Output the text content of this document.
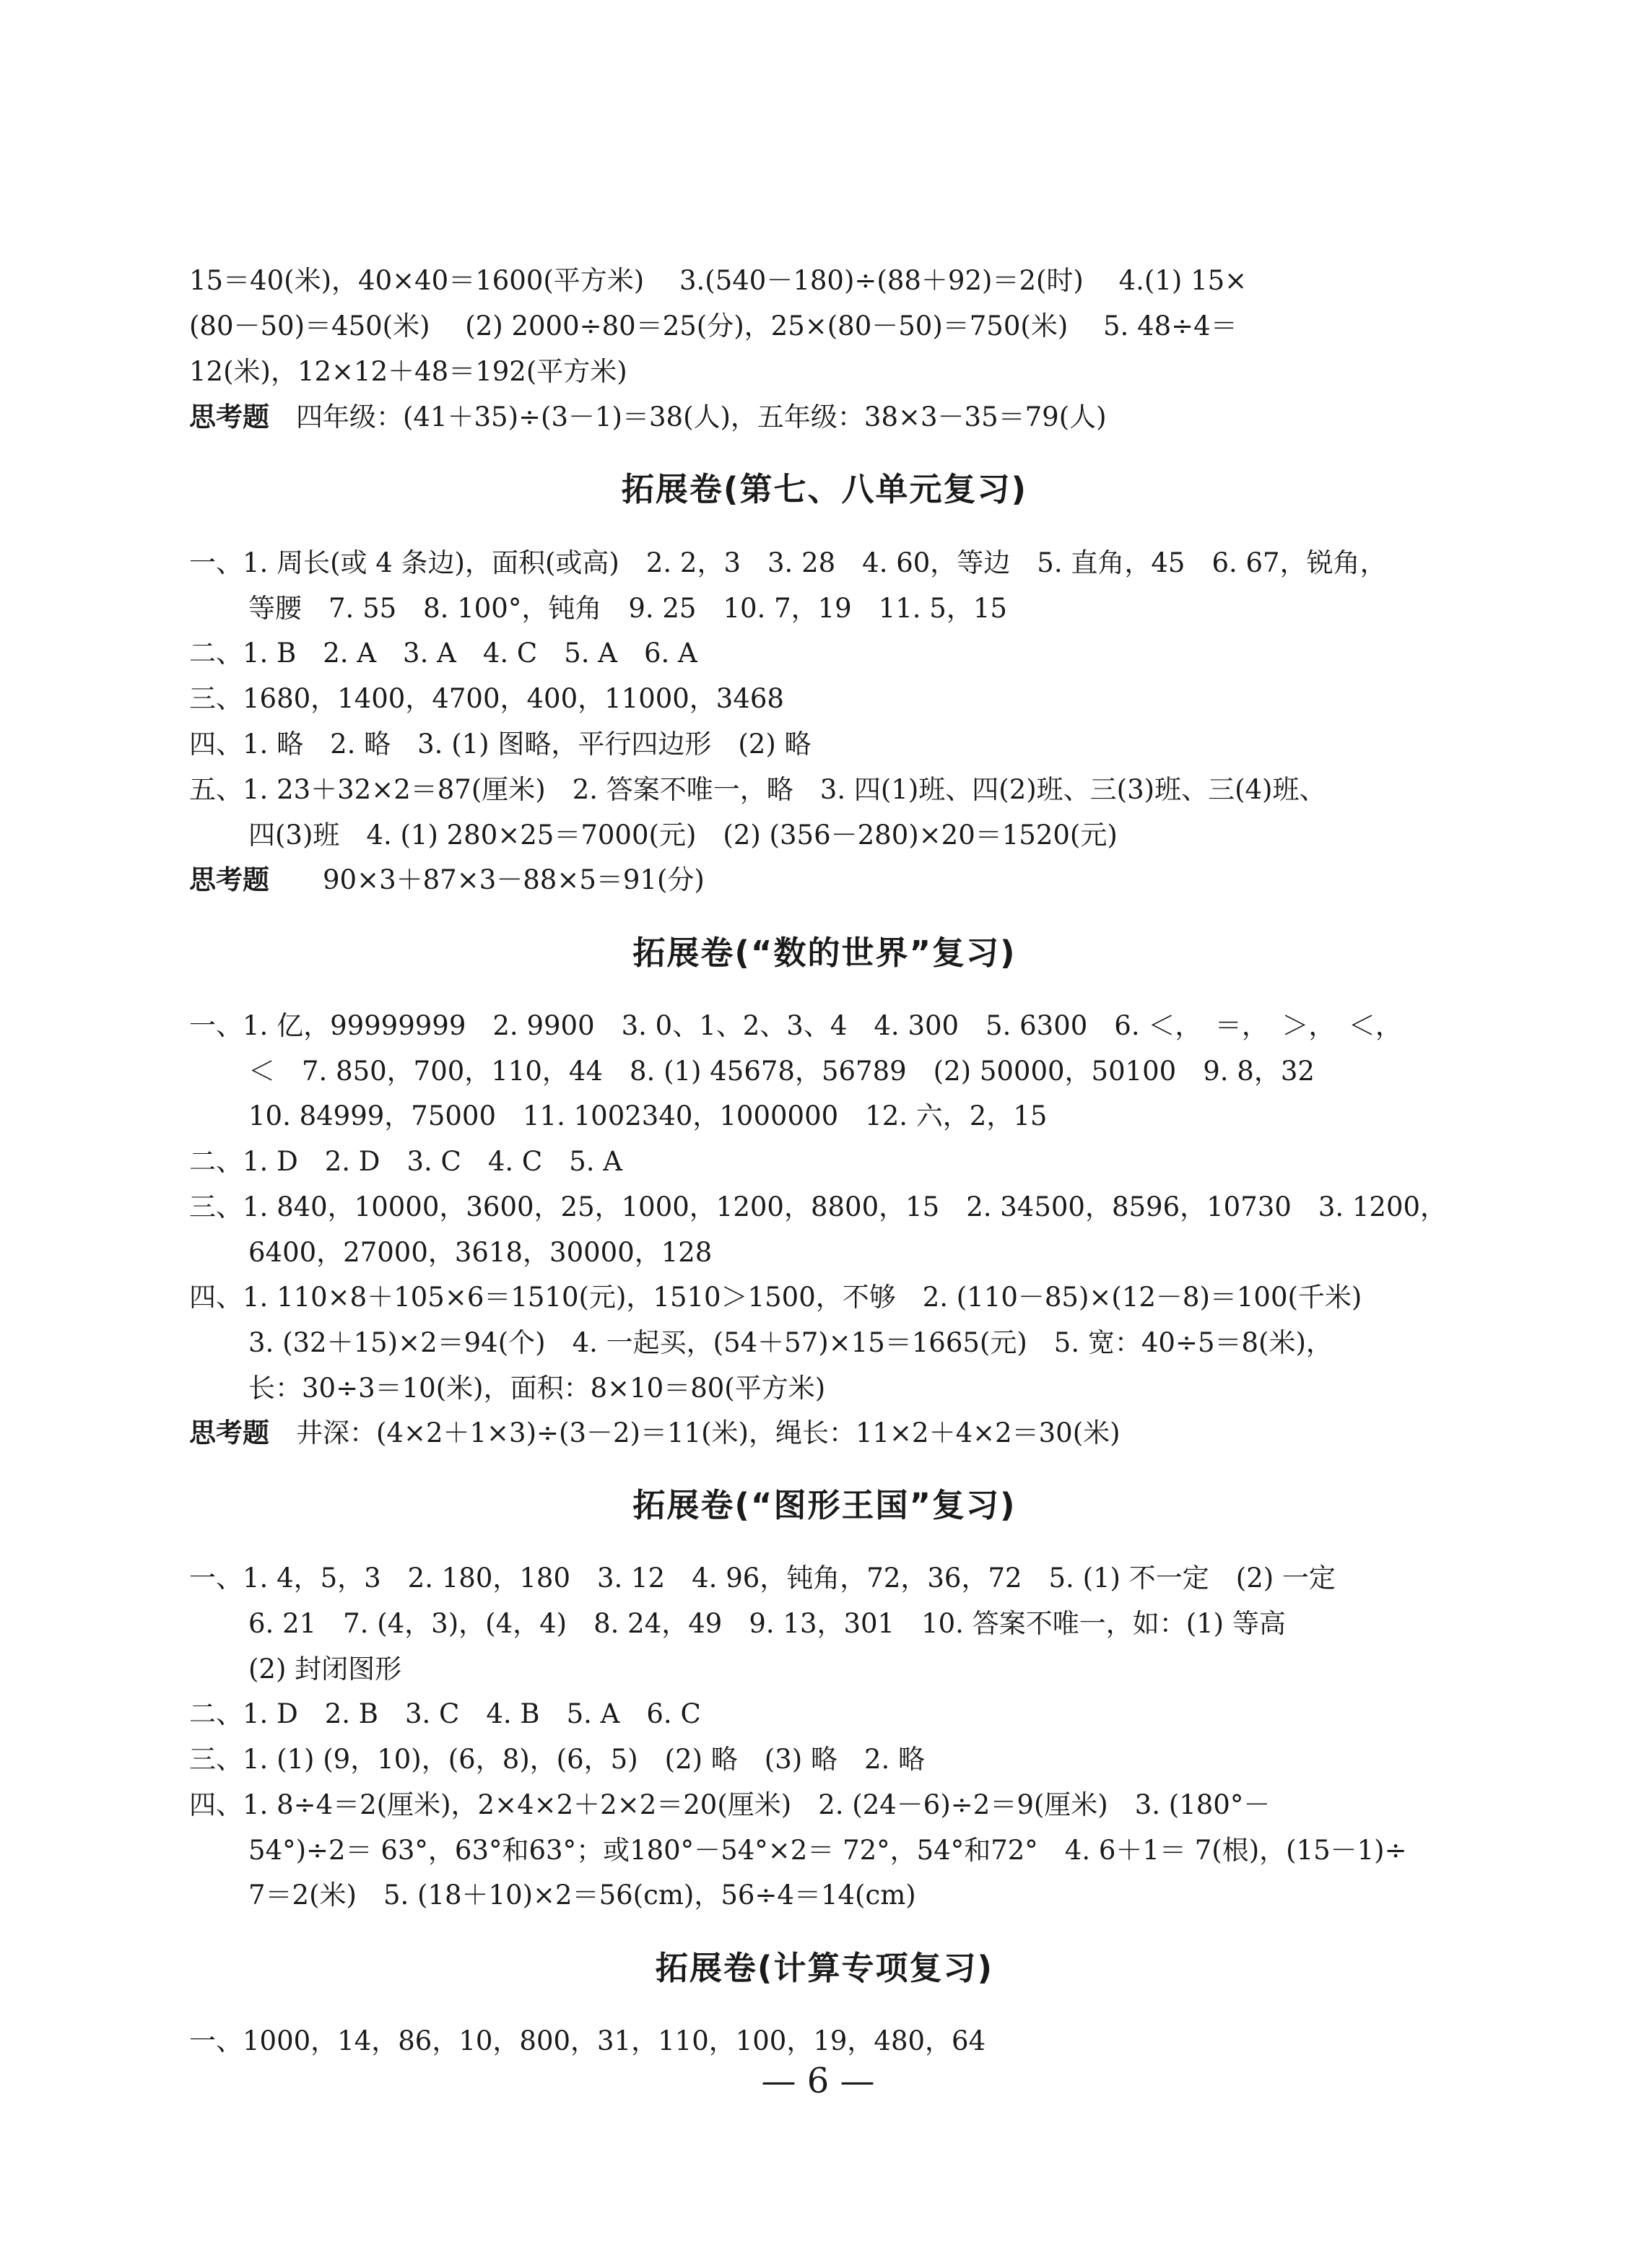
15＝40(米)，40×40＝1600(平方米)　 3.(540－180)÷(88＋92)＝2(时)　 4.(1) 15×
(80－50)＝450(米)　 (2) 2000÷80＝25(分)，25×(80－50)＝750(米)　 5. 48÷4＝
12(米)，12×12＋48＝192(平方米)
思考题　 四年级：(41＋35)÷(3－1)＝38(人)，五年级：38×3－35＝79(人)
拓展卷(第七、八单元复习)
一、1. 周长(或 4 条边)，面积(或高)　2. 2，3　3. 28　4. 60，等边　5. 直角，45　6. 67，锐角，
等腰　7. 55　8. 100°，钝角　9. 25　10. 7，19　11. 5，15
二、1. B　2. A　3. A　4. C　5. A　6. A
三、1680，1400，4700，400，11000，3468
四、1. 略　2. 略　3. (1) 图略，平行四边形　(2) 略
五、1. 23＋32×2＝87(厘米)　2. 答案不唯一，略　3. 四(1)班、四(2)班、三(3)班、三(4)班、
四(3)班　4. (1) 280×25＝7000(元)　(2) (356－280)×20＝1520(元)
思考题　　 90×3＋87×3－88×5＝91(分)
拓展卷(“数的世界”复习)
一、1. 亿，99999999　2. 9900　3. 0、1、2、3、4　4. 300　5. 6300　6. ＜，　＝，　＞，　＜，
＜　7. 850，700，110，44　8. (1) 45678，56789　(2) 50000，50100　9. 8，32
10. 84999，75000　11. 1002340，1000000　12. 六，2，15
二、1. D　2. D　3. C　4. C　5. A
三、1. 840，10000，3600，25，1000，1200，8800，15　2. 34500，8596，10730　3. 1200，
6400，27000，3618，30000，128
四、1. 110×8＋105×6＝1510(元)，1510＞1500，不够　2. (110－85)×(12－8)＝100(千米)
3. (32＋15)×2＝94(个)　4. 一起买，(54＋57)×15＝1665(元)　5. 宽：40÷5＝8(米)，
长：30÷3＝10(米)，面积：8×10＝80(平方米)
思考题　 井深：(4×2＋1×3)÷(3－2)＝11(米)，绳长：11×2＋4×2＝30(米)
拓展卷(“图形王国”复习)
一、1. 4，5，3　2. 180，180　3. 12　4. 96，钝角，72，36，72　5. (1) 不一定　(2) 一定
6. 21　7. (4，3)，(4，4)　8. 24，49　9. 13，301　10. 答案不唯一，如：(1) 等高
(2) 封闭图形
二、1. D　2. B　3. C　4. B　5. A　6. C
三、1. (1) (9，10)，(6，8)，(6，5)　(2) 略　(3) 略　2. 略
四、1. 8÷4＝2(厘米)，2×4×2＋2×2＝20(厘米)　2. (24－6)÷2＝9(厘米)　3. (180°－
54°)÷2＝ 63°，63°和63°；或180°－54°×2＝ 72°，54°和72°　4. 6＋1＝ 7(根)，(15－1)÷
7＝2(米)　5. (18＋10)×2＝56(cm)，56÷4＝14(cm)
拓展卷(计算专项复习)
一、1000，14，86，10，800，31，110，100，19，480，64
— 6 —
